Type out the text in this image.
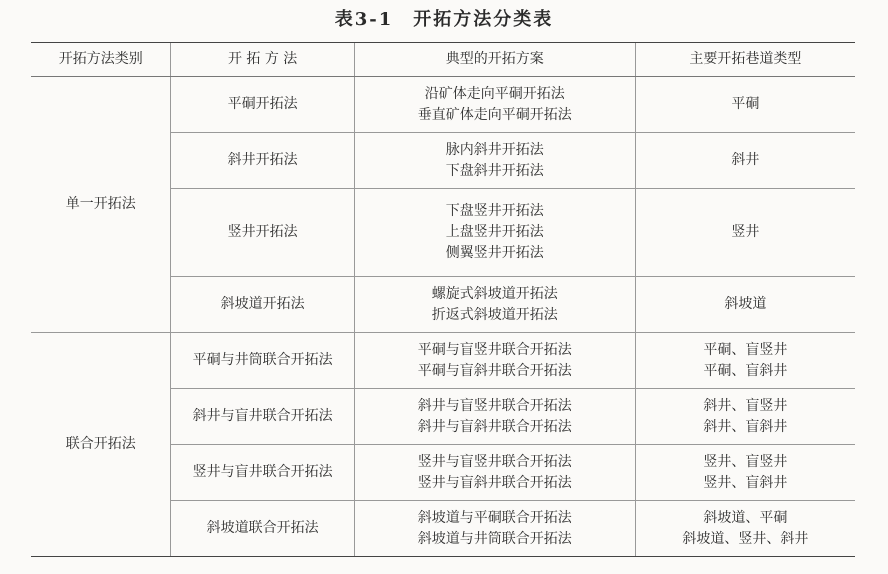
表3-1　开拓方法分类表
开拓方法类别	开 拓 方 法	典型的开拓方案	主要开拓巷道类型
单一开拓法	平硐开拓法	沿矿体走向平硐开拓法
垂直矿体走向平硐开拓法	平硐

	斜井开拓法	脉内斜井开拓法
下盘斜井开拓法	斜井

	竖井开拓法	下盘竖井开拓法
上盘竖井开拓法
侧翼竖井开拓法	竖井

	斜坡道开拓法	螺旋式斜坡道开拓法
折返式斜坡道开拓法	斜坡道

联合开拓法	平硐与井筒联合开拓法	平硐与盲竖井联合开拓法
平硐与盲斜井联合开拓法	平硐、盲竖井
平硐、盲斜井

	斜井与盲井联合开拓法	斜井与盲竖井联合开拓法
斜井与盲斜井联合开拓法	斜井、盲竖井
斜井、盲斜井

	竖井与盲井联合开拓法	竖井与盲竖井联合开拓法
竖井与盲斜井联合开拓法	竖井、盲竖井
竖井、盲斜井

	斜坡道联合开拓法	斜坡道与平硐联合开拓法
斜坡道与井筒联合开拓法	斜坡道、平硐
斜坡道、竖井、斜井
